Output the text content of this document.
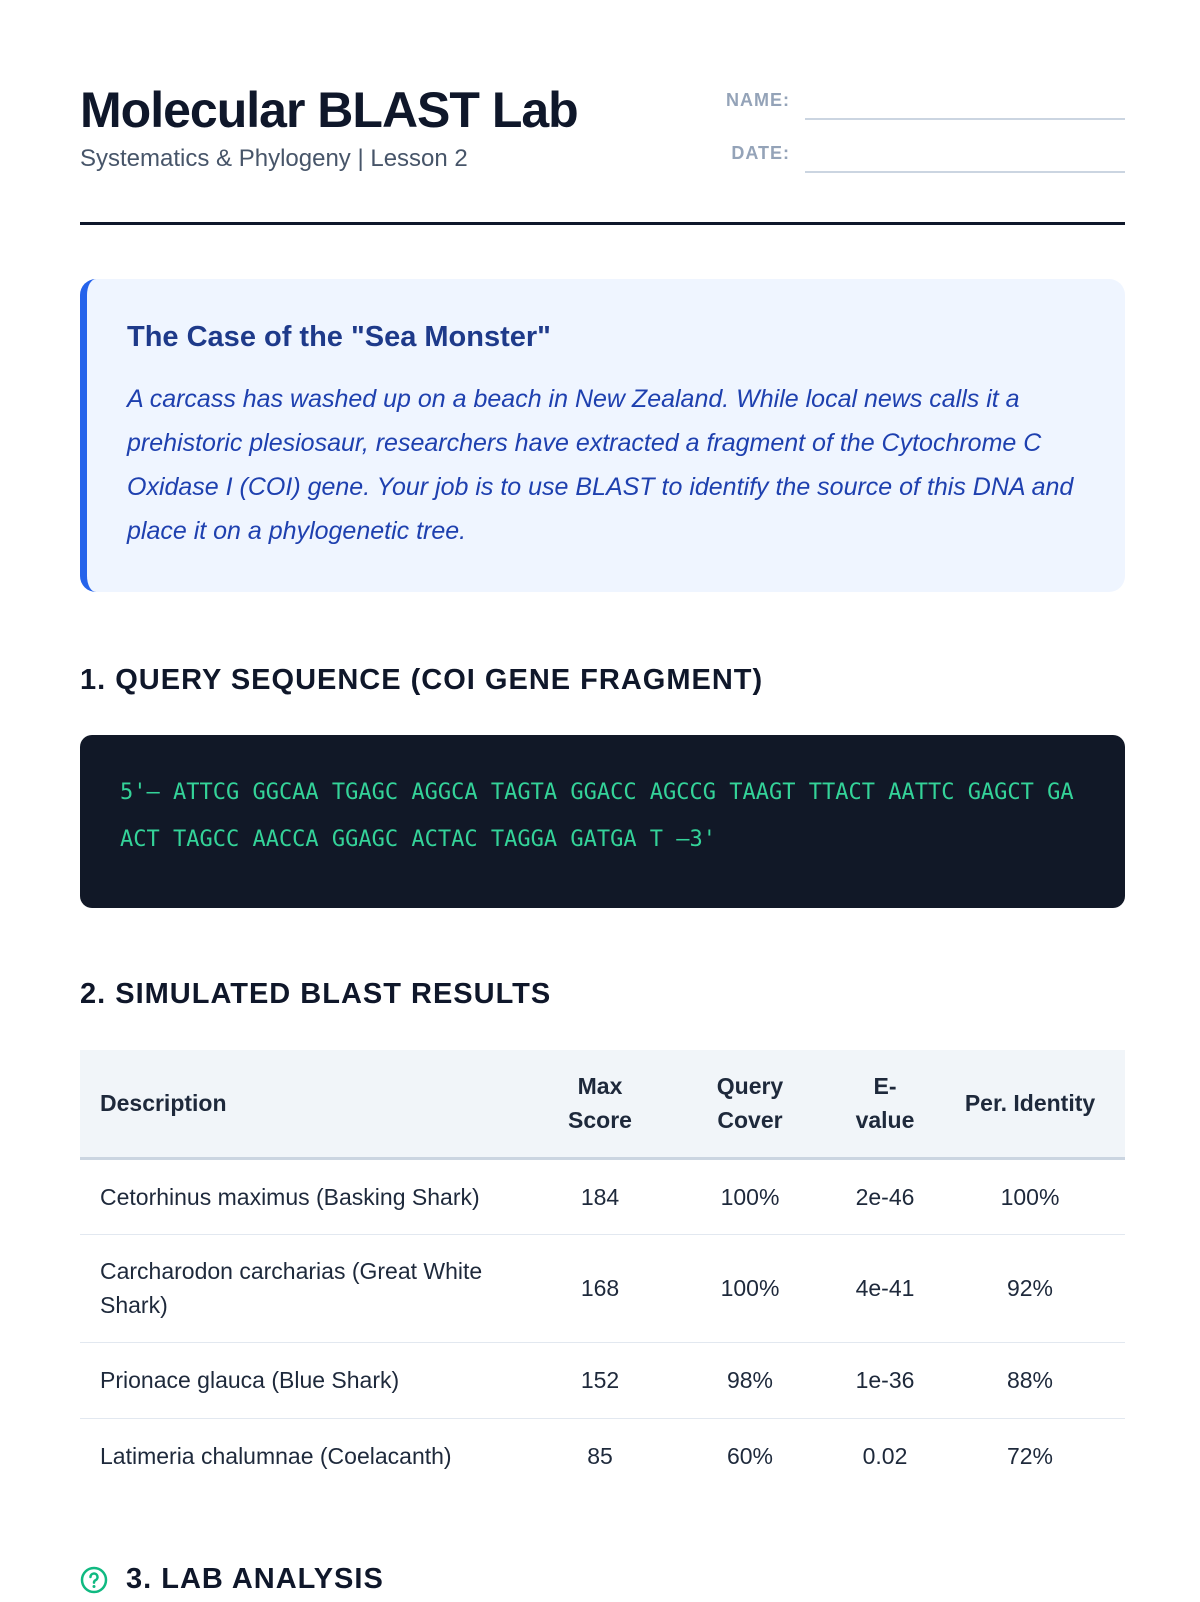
Molecular BLAST Lab
Systematics & Phylogeny | Lesson 2
NAME:
DATE:
The Case of the "Sea Monster"

A carcass has washed up on a beach in New Zealand. While local news calls it a prehistoric plesiosaur, researchers have extracted a fragment of the Cytochrome C Oxidase I (COI) gene. Your job is to use BLAST to identify the source of this DNA and place it on a phylogenetic tree.

1. QUERY SEQUENCE (COI GENE FRAGMENT)

5'— ATTCG GGCAA TGAGC AGGCA TAGTA GGACC AGCCG TAAGT TTACT AATTC GAGCT GAACT TAGCC AACCA GGAGC ACTAC TAGGA GATGA T —3'

2. SIMULATED BLAST RESULTS
Description	Max Score	Query Cover	E-value	Per. Identity
Cetorhinus maximus (Basking Shark)	184	100%	2e-46	100%
Carcharodon carcharias (Great White Shark)	168	100%	4e-41	92%
Prionace glauca (Blue Shark)	152	98%	1e-36	88%
Latimeria chalumnae (Coelacanth)	85	60%	0.02	72%
3. LAB ANALYSIS
